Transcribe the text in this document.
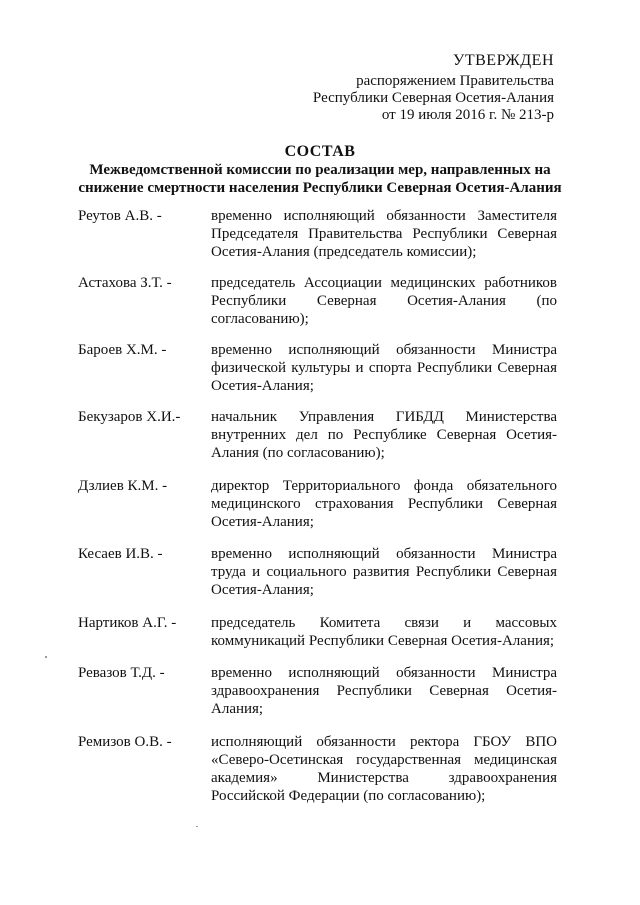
УТВЕРЖДЕН
распоряжением Правительства
Республики Северная Осетия-Алания
от 19 июля 2016 г. № 213-р
СОСТАВ
Межведомственной комиссии по реализации мер, направленных на
снижение смертности населения Республики Северная Осетия-Алания
Реутов А.В. -	временно исполняющий обязанности Заместителя Председателя Правительства Республики Северная Осетия-Алания (председатель комиссии);
Астахова З.Т. -	председатель Ассоциации медицинских работников Республики Северная Осетия-Алания (по согласованию);
Бароев Х.М. -	временно исполняющий обязанности Министра физической культуры и спорта Республики Северная Осетия-Алания;
Бекузаров Х.И.-	начальник Управления ГИБДД Министерства внутренних дел по Республике Северная Осетия-Алания (по согласованию);
Дзлиев К.М. -	директор Территориального фонда обязательного медицинского страхования Республики Северная Осетия-Алания;
Кесаев И.В. -	временно исполняющий обязанности Министра труда и социального развития Республики Северная Осетия-Алания;
Нартиков А.Г. -	председатель Комитета связи и массовых коммуникаций Республики Северная Осетия-Алания;
Ревазов Т.Д. -	временно исполняющий обязанности Министра здравоохранения Республики Северная Осетия-Алания;
Ремизов О.В. -	исполняющий обязанности ректора ГБОУ ВПО «Северо-Осетинская государственная медицинская академия» Министерства здравоохранения Российской Федерации (по согласованию);
